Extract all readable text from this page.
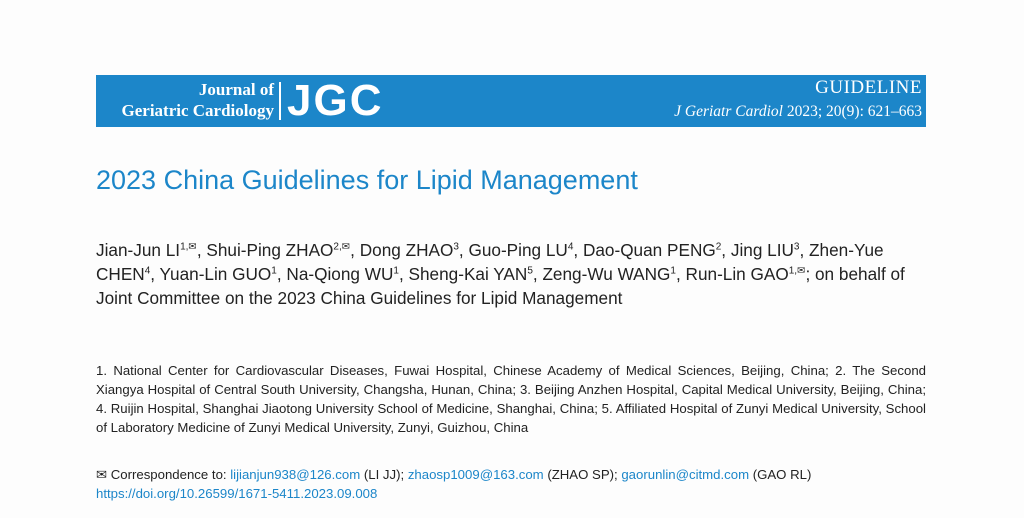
Journal of
Geriatric Cardiology JGC	GUIDELINE
J Geriatr Cardiol 2023; 20(9): 621–663
2023 China Guidelines for Lipid Management
Jian-Jun $LI^{1,✉}$, Shui-Ping $ZHAO^{2,✉}$, Dong ZHAO$^3$, Guo-Ping $LU^4$, Dao-Quan PENG$^2$, Jing LIU$^3$, Zhen-Yue CHEN$^4$, Yuan-Lin GUO$^1$, Na-Qiong $WU^1$, Sheng-Kai YAN$^5$, Zeng-Wu WANG$^1$, Run-Lin $GAO^{1,✉}$; on behalf of Joint Committee on the 2023 China Guidelines for Lipid Management
1. National Center for Cardiovascular Diseases, Fuwai Hospital, Chinese Academy of Medical Sciences, Beijing, China; 2. The Second Xiangya Hospital of Central South University, Changsha, Hunan, China; 3. Beijing Anzhen Hospital, Capital Medical University, Beijing, China; 4. Ruijin Hospital, Shanghai Jiaotong University School of Medicine, Shanghai, China; 5. Affiliated Hospital of Zunyi Medical University, School of Laboratory Medicine of Zunyi Medical University, Zunyi, Guizhou, China
✉ Correspondence to: lijianjun938@126.com (LI JJ); zhaosp1009@163.com (ZHAO SP); gaorunlin@citmd.com (GAO RL)
https://doi.org/10.26599/1671-5411.2023.09.008
